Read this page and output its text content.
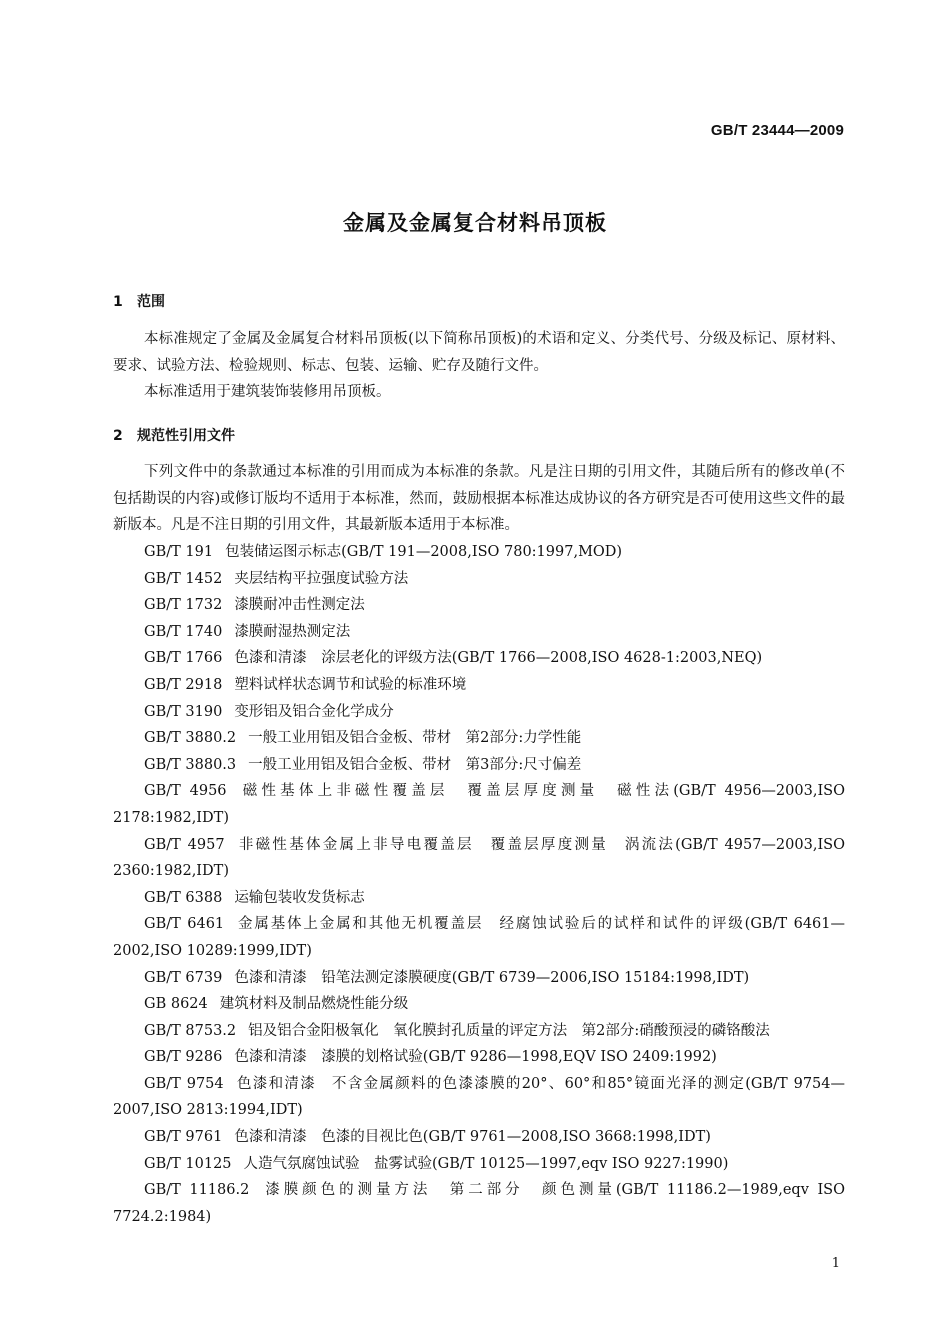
GB/T 23444—2009
金属及金属复合材料吊顶板
1 范围
本标准规定了金属及金属复合材料吊顶板(以下简称吊顶板)的术语和定义、分类代号、分级及标记、原材料、要求、试验方法、检验规则、标志、包装、运输、贮存及随行文件。
本标准适用于建筑装饰装修用吊顶板。
2 规范性引用文件
下列文件中的条款通过本标准的引用而成为本标准的条款。凡是注日期的引用文件，其随后所有的修改单(不包括勘误的内容)或修订版均不适用于本标准，然而，鼓励根据本标准达成协议的各方研究是否可使用这些文件的最新版本。凡是不注日期的引用文件，其最新版本适用于本标准。
GB/T 191 包装储运图示标志(GB/T 191—2008,ISO 780:1997,MOD)
GB/T 1452 夹层结构平拉强度试验方法
GB/T 1732 漆膜耐冲击性测定法
GB/T 1740 漆膜耐湿热测定法
GB/T 1766 色漆和清漆　涂层老化的评级方法(GB/T 1766—2008,ISO 4628-1:2003,NEQ)
GB/T 2918 塑料试样状态调节和试验的标准环境
GB/T 3190 变形铝及铝合金化学成分
GB/T 3880.2 一般工业用铝及铝合金板、带材　第2部分:力学性能
GB/T 3880.3 一般工业用铝及铝合金板、带材　第3部分:尺寸偏差
GB/T 4956 磁性基体上非磁性覆盖层　覆盖层厚度测量　磁性法(GB/T 4956—2003,ISO 2178:1982,IDT)
GB/T 4957 非磁性基体金属上非导电覆盖层　覆盖层厚度测量　涡流法(GB/T 4957—2003,ISO 2360:1982,IDT)
GB/T 6388 运输包装收发货标志
GB/T 6461 金属基体上金属和其他无机覆盖层　经腐蚀试验后的试样和试件的评级(GB/T 6461—2002,ISO 10289:1999,IDT)
GB/T 6739 色漆和清漆　铅笔法测定漆膜硬度(GB/T 6739—2006,ISO 15184:1998,IDT)
GB 8624 建筑材料及制品燃烧性能分级
GB/T 8753.2 铝及铝合金阳极氧化　氧化膜封孔质量的评定方法　第2部分:硝酸预浸的磷铬酸法
GB/T 9286 色漆和清漆　漆膜的划格试验(GB/T 9286—1998,EQV ISO 2409:1992)
GB/T 9754 色漆和清漆　不含金属颜料的色漆漆膜的20°、60°和85°镜面光泽的测定(GB/T 9754—2007,ISO 2813:1994,IDT)
GB/T 9761 色漆和清漆　色漆的目视比色(GB/T 9761—2008,ISO 3668:1998,IDT)
GB/T 10125 人造气氛腐蚀试验　盐雾试验(GB/T 10125—1997,eqv ISO 9227:1990)
GB/T 11186.2 漆膜颜色的测量方法　第二部分　颜色测量(GB/T 11186.2—1989,eqv ISO 7724.2:1984)
1
